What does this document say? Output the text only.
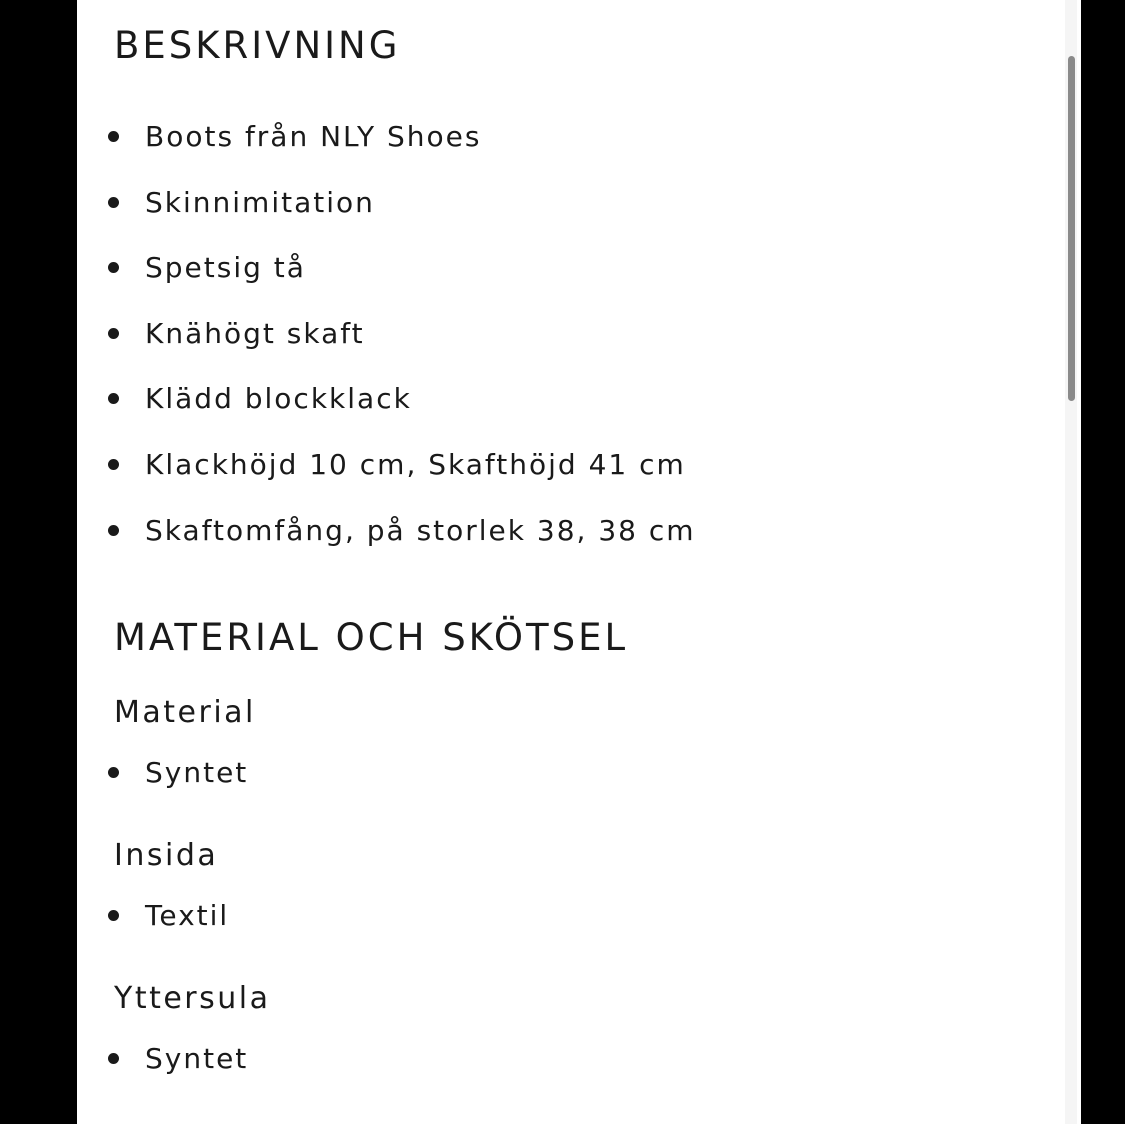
BESKRIVNING
Boots från NLY Shoes
Skinnimitation
Spetsig tå
Knähögt skaft
Klädd blockklack
Klackhöjd 10 cm, Skafthöjd 41 cm
Skaftomfång, på storlek 38, 38 cm
MATERIAL OCH SKÖTSEL
Material
Syntet
Insida
Textil
Yttersula
Syntet
